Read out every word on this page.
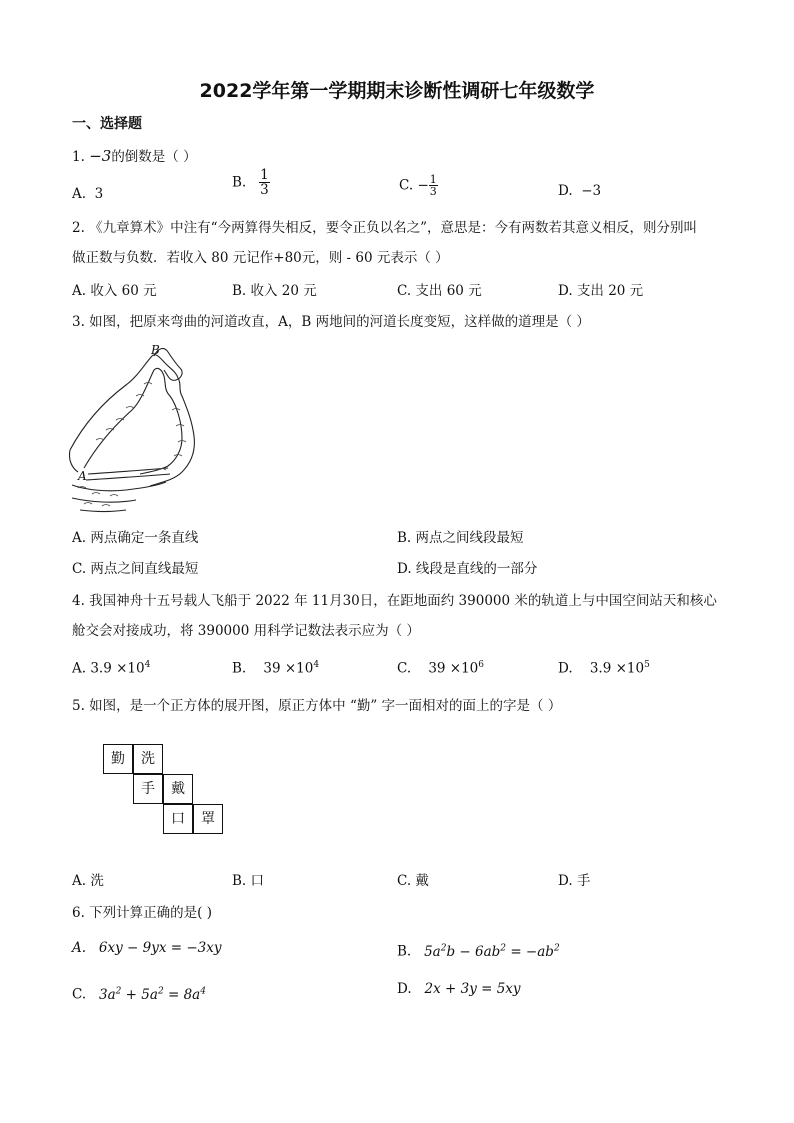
2022学年第一学期期末诊断性调研七年级数学
一、选择题
1. −3的倒数是（ ）
A. 3
B. $\frac{1}{3}$	C. − $\frac{1}{3}$	D. −3
2. 《九章算术》中注有“今两算得失相反，要令正负以名之”，意思是：今有两数若其意义相反，则分别叫
做正数与负数．若收入 80 元记作+80元，则 - 60 元表示（ ）
A. 收入 60 元	B. 收入 20 元	C. 支出 60 元	D. 支出 20 元
3. 如图，把原来弯曲的河道改直，A，B 两地间的河道长度变短，这样做的道理是（ ）
B
A
A. 两点确定一条直线	B. 两点之间线段最短
C. 两点之间直线最短	D. 线段是直线的一部分
4. 我国神舟十五号载人飞船于 2022 年 11月30日，在距地面约 390000 米的轨道上与中国空间站天和核心
舱交会对接成功，将 390000 用科学记数法表示应为（ ）
A. $3.9 \times 10^4$	B. $39 \times 10^4$	C. $39 \times 10^6$	D. $3.9 \times 10^5$
5. 如图，是一个正方体的展开图，原正方体中 “勤” 字一面相对的面上的字是（ ）
勤	洗
手	戴
口	罩
A. 洗	B. 口	C. 戴	D. 手
6. 下列计算正确的是( )
A. 6xy − 9yx = −3xy	B. $5a^2b - 6ab^2 = -ab^2$
C. $3a^2 + 5a^2 = 8a^4$	D. 2x + 3y = 5xy
